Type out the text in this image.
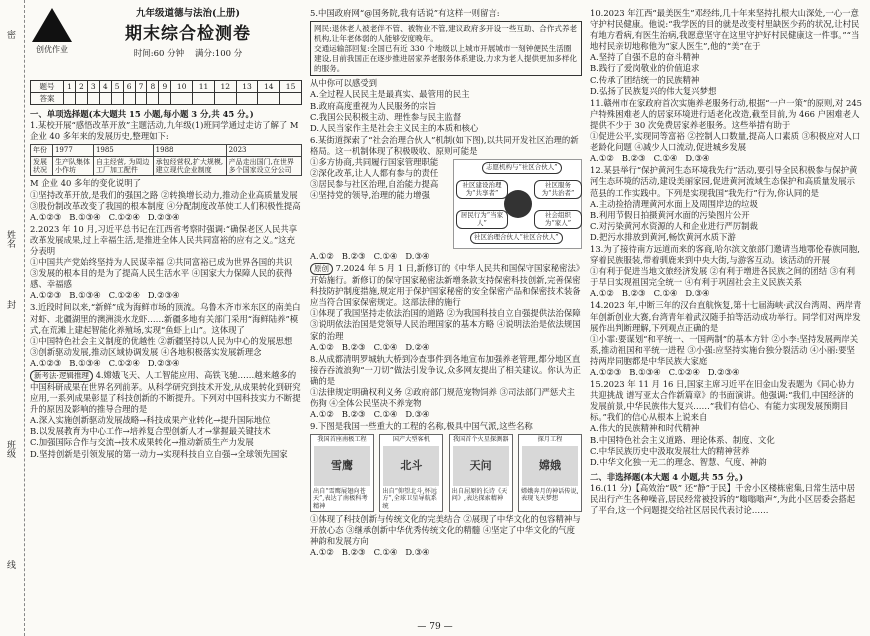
密
姓名
封
班级
线
创优作业
九年级道德与法治(上册)
期末综合检测卷
时间:60 分钟 满分:100 分
题号	1	2	3	4	5	6	7	8	9	10	11	12	13	14	15
答案															
一、单项选择题(本大题共 15 小题,每小题 3 分,共 45 分。)

1.某校开展“感悟改革开放”主题活动,九年级(1)班同学通过走访了解了 M 企业 40 多年来的发展历史,整理如下:

年份	1977	1985	1988	2023
发展状况	生产队集体小作坊	自主经营, 为周边工厂加工配件	承包经营权,扩大规模,建立现代企业制度	产品走出国门,在世界多个国家设立分公司

M 企业 40 多年的变化说明了

①坚持改革开放,是我们的强国之路 ②转换增长动力,推动企业高质量发展 ③股份制改革改变了我国的根本制度 ④分配制度改革使工人们积极性提高

A.①②③ B.①③④ C.①②④ D.②③④

2.2023 年 10 月,习近平总书记在江西省考察时强调:“确保老区人民共享改革发展成果,过上幸福生活,是推进全体人民共同富裕的应有之义。”这充分表明

①中国共产党始终坚持为人民谋幸福 ②共同富裕已成为世界各国的共识 ③发展的根本目的是为了提高人民生活水平 ④国家大力保障人民的获得感、幸福感

A.①②③ B.①③④ C.①②④ D.②③④

3.近段时间以来,“新鲜”成为海鲜市场的顶流。乌鲁木齐市米东区的南美白对虾、北疆湖里的澳洲淡水龙虾……新疆多地有关部门采用“海鲜陆养”模式,在荒滩上建起智能化养殖场,实现“鱼虾上山”。这体现了

①中国特色社会主义制度的优越性 ②新疆坚持以人民为中心的发展思想 ③创新驱动发展,推动区域协调发展 ④各地积极落实发展新理念

A.①②③ B.①③④ C.①②④ D.②③④

新考法·逻辑推理 4.嫦娥飞天、人工智能应用、高铁飞驰……越来越多的中国科研成果在世界名列前茅。从科学研究到技术开发,从成果转化到研究应用,一系列成果彰显了科技创新的不断提升。下列对中国科技实力不断提升的原因及影响的推导合理的是

A.深入实施创新驱动发展战略→科技成果产业转化→提升国际地位

B.以发展教育为中心工作→培养复合型创新人才→掌握最关键技术

C.加强国际合作与交流→技术成果转化→推动新质生产力发展

D.坚持创新是引领发展的第一动力→实现科技自立自强→全球领先国家

5.中国政府网“@国务院,我有话说”有这样一则留言:

网民:退休老人被老伴不管、被物业不管,建议政府多开设一些互助、合作式养老机构,让年老体弱的人能够安度晚年。
交通运输部回复:全国已有近 330 个地级以上城市开展城市一刻钟便民生活圈建设,目前我国正在逐步推进居家养老服务体系建设,力求为老人提供更加多样化的服务。

从中你可以感受到

A.全过程人民民主是最真实、最管用的民主

B.政府高度重视为人民服务的宗旨

C.我国公民积极主动、理性参与民主监督

D.人民当家作主是社会主义民主的本质和核心

6.某街道探索了“社会治理合伙人”机制(如下图),以共同开发社区治理的新格局。这一机制体现了积极吸收、原则可能是

①多方协商,共同履行国家管理职能 ②深化改革,让人人都有参与的责任 ③居民参与社区治理,自治能力提高 ④坚持党的领导,治理的能力增强
志愿机构与“社区合伙人”
社区建设治理为“共享者”
社区服务为“共治者”
居民行为“当家人”
社会组织为“家人”
社区治理合伙人“社区合伙人”

A.①② B.②③ C.①④ D.③④

原创 7.2024 年 5 月 1 日,新修订的《中华人民共和国保守国家秘密法》开始施行。新修订的保守国家秘密法新增条款支持保密科技创新,完善保密科技防护制度措施,规定用于保护国家秘密的安全保密产品和保密技术装备应当符合国家保密规定。这部法律的施行

①体现了我国坚持走依法治国的道路 ②为我国科技自立自强提供法治保障 ③说明依法治国是党领导人民治理国家的基本方略 ④说明法治是依法规国家的治理

A.①② B.②③ C.①④ D.②④

8.从成都清明罗城轨大桥到冷查事件到各地宣布加强养老管理,都分地区直接吞吞流浪狗“一刀切”做法引发争议,众多网友提出了相关建议。你认为正确的是

①法律规定明确权利义务 ②政府部门规范宠物饲养 ③司法部门严惩犬主伤狗 ④全体公民坚决不养宠物

A.①② B.②③ C.①④ D.③④

9.下图是我国一些重大的工程的名称,极具中国气派,这些名称

我国首座南极工程
雪鹰
出自“雪鹰展翅向苍天”,表达了南极科考精神
国产大型客机
北斗
出自“仰望北斗,怀远方”,全球卫星导航系统
我国首个火星探测器
天问
出自屈原的长诗《天问》,表达探索精神
探月工程
嫦娥
嫦娥奔月的神话传说,表现飞天梦想

①体现了科技创新与传统文化的完美结合 ②展现了中华文化的包容精神与开放心态 ③继承创新中华优秀传统文化的精髓 ④坚定了中华文化的气度神韵和发展方向

A.①② B.②③ C.①④ D.③④

10.2023 年江西“最美医生”邓经纬,几十年来坚持扎根大山深处,一心一意守护村民健康。他说:“我学医的目的就是改变村里缺医少药的状况,让村民有地方看病,有医生治病,我愿意坚守在这里守护好村民健康这一件事。”“当地村民亲切地称他为“家人医生”,他的“美”在于

A.坚持了自强不息的奋斗精神

B.践行了爱岗敬业的价值追求

C.传承了团结统一的民族精神

D.弘扬了民族复兴的伟大复兴梦想

11.赣州市在家政府首次实施养老服务行动,根据“一户一策”的原则,对 245 户特殊困难老人的居家环境进行适老化改造,截至目前,为 466 户困难老人提供不少于 30 次免费居家养老服务。这些举措有助于

①促进公平,实现同等富裕 ②控制人口数量,提高人口素质 ③积极应对人口老龄化问题 ④减少人口流动,促进城乡发展

A.①② B.②③ C.①④ D.③④

12.某县举行“保护黄河生态环境我先行”活动,要引导全民积极参与保护黄河生态环境的活动,建设美丽家园,促进黄河流域生态保护和高质量发展示范县的工作实践中。下列是实现我国“我先行”行为,你认同的是

A.主动捡拾清理黄河水面上及周围岸边的垃圾

B.利用节假日拍摄黄河水面的污染图片公开

C.对污染黄河水资源的人和企业进行严厉制裁

D.把污水排放到黄河,畅饮黄河水质下游

13.为了接待南方远道而来的客商,哈尔滨文旅部门邀请当地鄂伦春族同胞,穿着民族服装,带着驯鹿来到中央大街,与游客互动。该活动的开展

①有利于促进当地文旅经济发展 ②有利于增进各民族之间的团结 ③有利于早日实现祖国完全统一 ④有利于巩固社会主义民族关系

A.①② B.②③ C.①④ D.③④

14.2023 年,中断三年的汉台直航恢复,第十七届海峡·武汉台湾周、两岸青年创新创业大赛,台湾青年着武汉随手拍等活动成功举行。同学们对两岸发展作出判断理解,下列观点正确的是

①小霏:要谋划“和平统一、一国两制”的基本方针 ②小李:坚持发展两岸关系,推动祖国和平统一进程 ③小强:应坚持实施台独分裂活动 ④小丽:要坚持两岸同胞都是中华民族大家庭

A.①②③ B.①③④ C.①②④ D.②③④

15.2023 年 11 月 16 日,国家主席习近平在旧金山发表题为《同心协力 共迎挑战 谱写亚太合作新篇章》的书面演讲。他强调:“我们,中国经济的发展前景,中华民族伟大复兴……”我们有信心、有能力实现发展预期目标。”我们的信心从根本上说来自

A.伟大的民族精神和时代精神

B.中国特色社会主义道路、理论体系、制度、文化

C.中华民族历史中汲取发展壮大的精神营养

D.中华文化独一无二的理念、智慧、气度、神韵

二、非选择题(本大题 4 小题,共 55 分。)

16.(11 分)【高效治“吸” 还“静”于民】千舍小区楼栋密集,日常生活中居民出行产生各种噪音,居民经常被投诉的“嗡嗡嗡声”,为此小区居委会搭起了平台,这一个问题提交给社区居民代表讨论……

— 79 —
